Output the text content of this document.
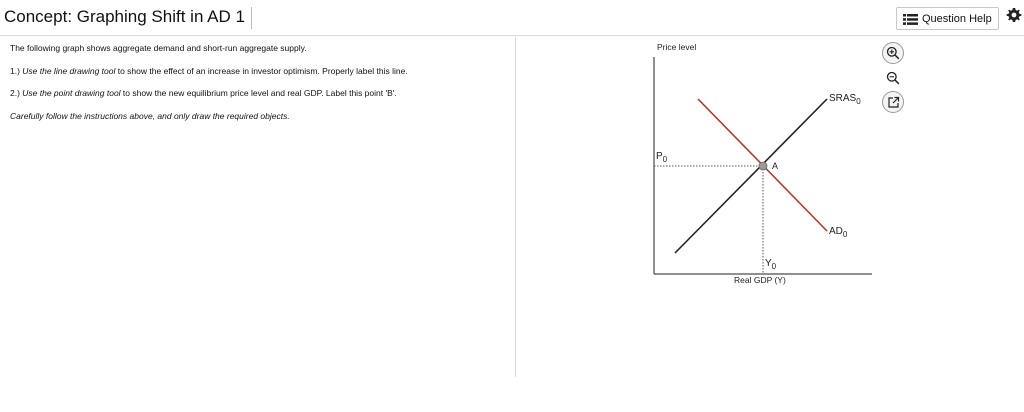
Concept: Graphing Shift in AD 1	Question Help
The following graph shows aggregate demand and short-run aggregate supply.
1.) Use the line drawing tool to show the effect of an increase in investor optimism. Properly label this line.
2.) Use the point drawing tool to show the new equilibrium price level and real GDP. Label this point 'B'.
Carefully follow the instructions above, and only draw the required objects.
Price level
Real GDP (Y)
$SRAS_0$
$AD_0$
$P_0$
$Y_0$
A
